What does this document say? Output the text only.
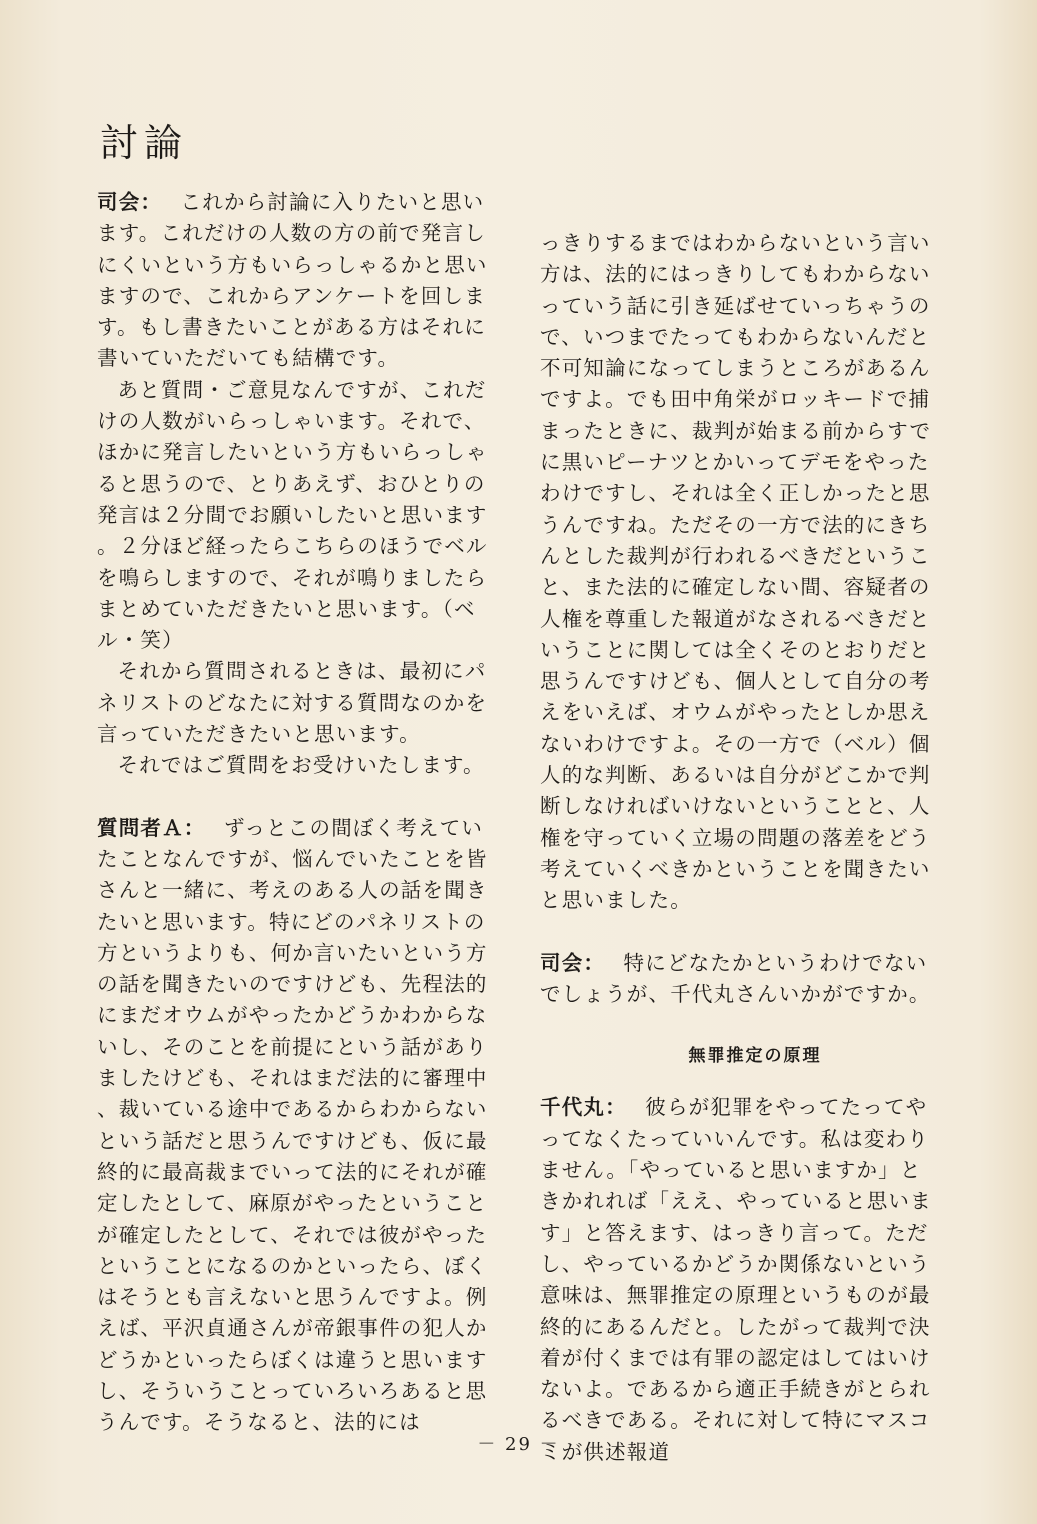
討論

司会： これから討論に入りたいと思います。これだけの人数の方の前で発言しにくいという方もいらっしゃるかと思いますので、これからアンケートを回します。もし書きたいことがある方はそれに書いていただいても結構です。

あと質問・ご意見なんですが、これだけの人数がいらっしゃいます。それで、ほかに発言したいという方もいらっしゃると思うので、とりあえず、おひとりの発言は２分間でお願いしたいと思います。２分ほど経ったらこちらのほうでベルを鳴らしますので、それが鳴りましたらまとめていただきたいと思います。（ベル・笑）

それから質問されるときは、最初にパネリストのどなたに対する質問なのかを言っていただきたいと思います。

それではご質問をお受けいたします。

質問者Ａ： ずっとこの間ぼく考えていたことなんですが、悩んでいたことを皆さんと一緒に、考えのある人の話を聞きたいと思います。特にどのパネリストの方というよりも、何か言いたいという方の話を聞きたいのですけども、先程法的にまだオウムがやったかどうかわからないし、そのことを前提にという話がありましたけども、それはまだ法的に審理中、裁いている途中であるからわからないという話だと思うんですけども、仮に最終的に最高裁までいって法的にそれが確定したとして、麻原がやったということが確定したとして、それでは彼がやったということになるのかといったら、ぼくはそうとも言えないと思うんですよ。例えば、平沢貞通さんが帝銀事件の犯人かどうかといったらぼくは違うと思いますし、そういうことっていろいろあると思うんです。そうなると、法的には

っきりするまではわからないという言い方は、法的にはっきりしてもわからないっていう話に引き延ばせていっちゃうので、いつまでたってもわからないんだと不可知論になってしまうところがあるんですよ。でも田中角栄がロッキードで捕まったときに、裁判が始まる前からすでに黒いピーナツとかいってデモをやったわけですし、それは全く正しかったと思うんですね。ただその一方で法的にきちんとした裁判が行われるべきだということ、また法的に確定しない間、容疑者の人権を尊重した報道がなされるべきだということに関しては全くそのとおりだと思うんですけども、個人として自分の考えをいえば、オウムがやったとしか思えないわけですよ。その一方で（ベル）個人的な判断、あるいは自分がどこかで判断しなければいけないということと、人権を守っていく立場の問題の落差をどう考えていくべきかということを聞きたいと思いました。

司会： 特にどなたかというわけでないでしょうが、千代丸さんいかがですか。

無罪推定の原理

千代丸： 彼らが犯罪をやってたってやってなくたっていいんです。私は変わりません。「やっていると思いますか」ときかれれば「ええ、やっていると思います」と答えます、はっきり言って。ただし、やっているかどうか関係ないという意味は、無罪推定の原理というものが最終的にあるんだと。したがって裁判で決着が付くまでは有罪の認定はしてはいけないよ。であるから適正手続きがとられるべきである。それに対して特にマスコミが供述報道

－ 29 －
